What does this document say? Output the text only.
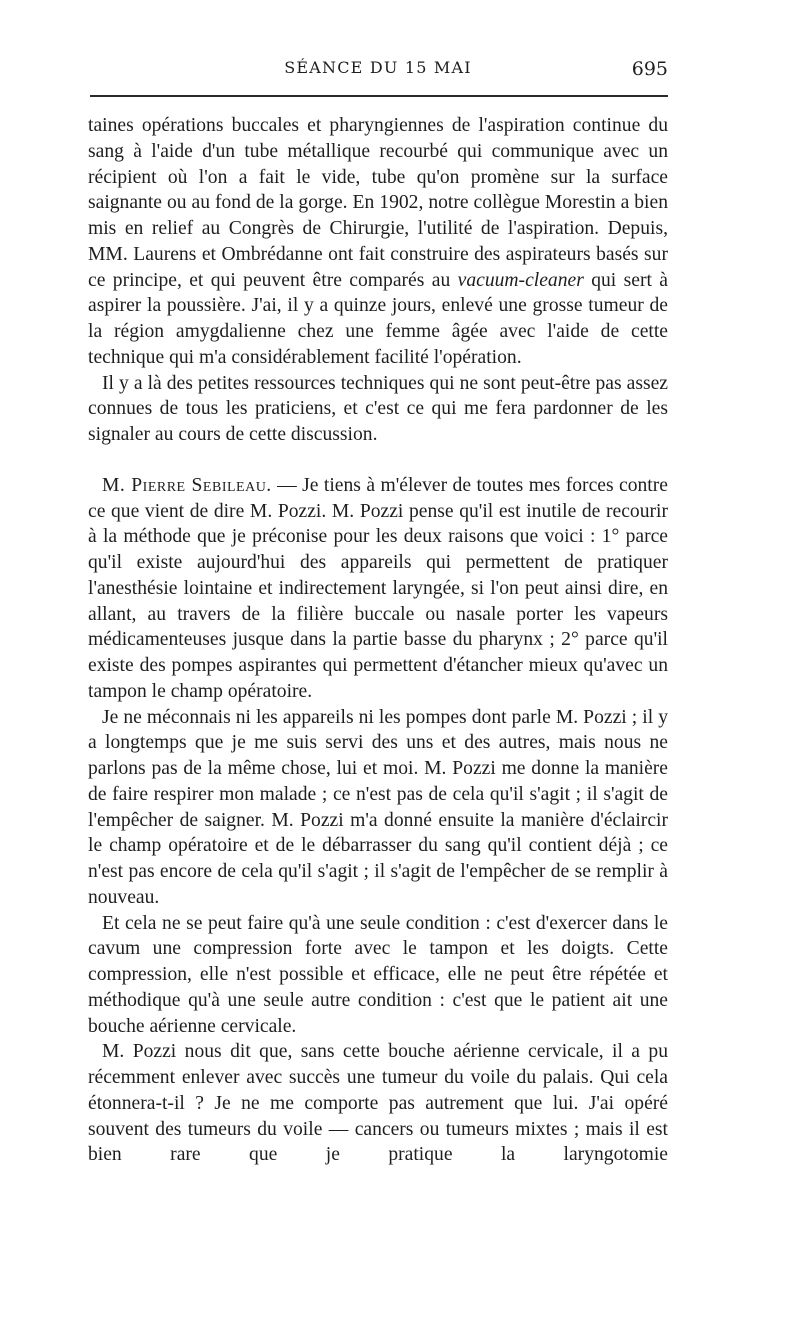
SÉANCE DU 15 MAI	695

taines opérations buccales et pharyngiennes de l'aspiration continue du sang à l'aide d'un tube métallique recourbé qui communique avec un récipient où l'on a fait le vide, tube qu'on promène sur la surface saignante ou au fond de la gorge. En 1902, notre collègue Morestin a bien mis en relief au Congrès de Chirurgie, l'utilité de l'aspiration. Depuis, MM. Laurens et Ombrédanne ont fait construire des aspirateurs basés sur ce principe, et qui peuvent être comparés au vacuum-cleaner qui sert à aspirer la poussière. J'ai, il y a quinze jours, enlevé une grosse tumeur de la région amygdalienne chez une femme âgée avec l'aide de cette technique qui m'a considérablement facilité l'opération.

Il y a là des petites ressources techniques qui ne sont peut-être pas assez connues de tous les praticiens, et c'est ce qui me fera pardonner de les signaler au cours de cette discussion.

M. Pierre Sebileau. — Je tiens à m'élever de toutes mes forces contre ce que vient de dire M. Pozzi. M. Pozzi pense qu'il est inutile de recourir à la méthode que je préconise pour les deux raisons que voici : 1° parce qu'il existe aujourd'hui des appareils qui permettent de pratiquer l'anesthésie lointaine et indirectement laryngée, si l'on peut ainsi dire, en allant, au travers de la filière buccale ou nasale porter les vapeurs médicamenteuses jusque dans la partie basse du pharynx ; 2° parce qu'il existe des pompes aspirantes qui permettent d'étancher mieux qu'avec un tampon le champ opératoire.

Je ne méconnais ni les appareils ni les pompes dont parle M. Pozzi ; il y a longtemps que je me suis servi des uns et des autres, mais nous ne parlons pas de la même chose, lui et moi. M. Pozzi me donne la manière de faire respirer mon malade ; ce n'est pas de cela qu'il s'agit ; il s'agit de l'empêcher de saigner. M. Pozzi m'a donné ensuite la manière d'éclaircir le champ opératoire et de le débarrasser du sang qu'il contient déjà ; ce n'est pas encore de cela qu'il s'agit ; il s'agit de l'empêcher de se remplir à nouveau.

Et cela ne se peut faire qu'à une seule condition : c'est d'exercer dans le cavum une compression forte avec le tampon et les doigts. Cette compression, elle n'est possible et efficace, elle ne peut être répétée et méthodique qu'à une seule autre condition : c'est que le patient ait une bouche aérienne cervicale.

M. Pozzi nous dit que, sans cette bouche aérienne cervicale, il a pu récemment enlever avec succès une tumeur du voile du palais. Qui cela étonnera-t-il ? Je ne me comporte pas autrement que lui. J'ai opéré souvent des tumeurs du voile — cancers ou tumeurs mixtes ; mais il est bien rare que je pratique la laryngotomie
